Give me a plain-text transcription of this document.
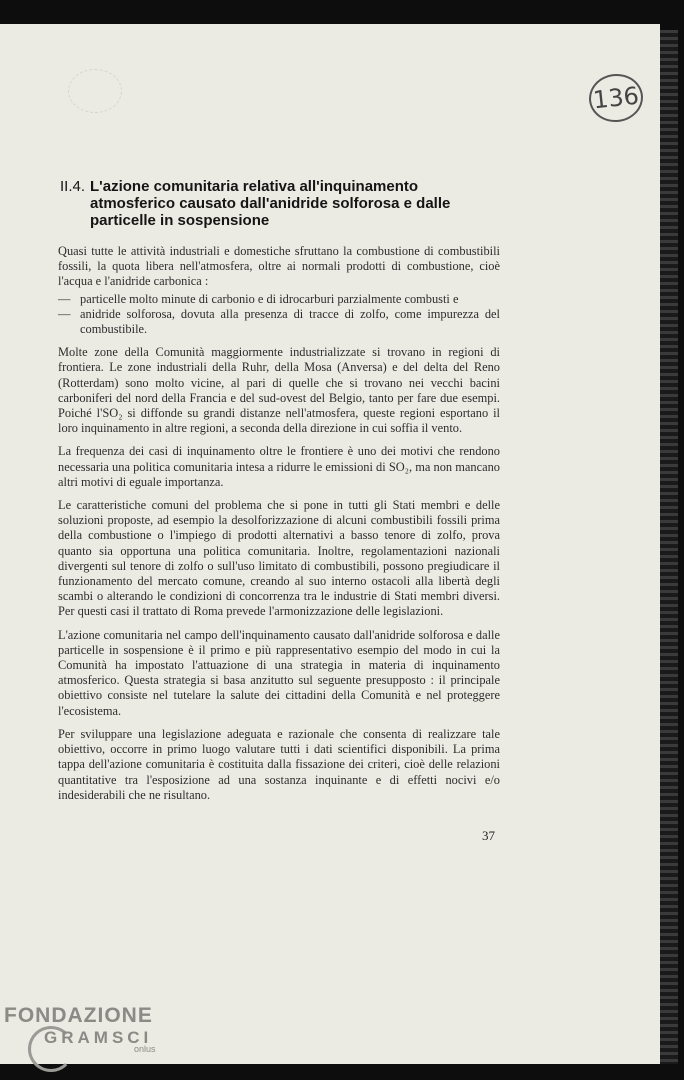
136
II.4. L'azione comunitaria relativa all'inquinamento atmosferico causato dall'anidride solforosa e dalle particelle in sospensione

Quasi tutte le attività industriali e domestiche sfruttano la combustione di combustibili fossili, la quota libera nell'atmosfera, oltre ai normali prodotti di combustione, cioè l'acqua e l'anidride carbonica :

— particelle molto minute di carbonio e di idrocarburi parzialmente combusti e
— anidride solforosa, dovuta alla presenza di tracce di zolfo, come impurezza del combustibile.

Molte zone della Comunità maggiormente industrializzate si trovano in regioni di frontiera. Le zone industriali della Ruhr, della Mosa (Anversa) e del delta del Reno (Rotterdam) sono molto vicine, al pari di quelle che si trovano nei vecchi bacini carboniferi del nord della Francia e del sud-ovest del Belgio, tanto per fare due esempi. Poiché l'SO₂ si diffonde su grandi distanze nell'atmosfera, queste regioni esportano il loro inquinamento in altre regioni, a seconda della direzione in cui soffia il vento.

La frequenza dei casi di inquinamento oltre le frontiere è uno dei motivi che rendono necessaria una politica comunitaria intesa a ridurre le emissioni di SO₂, ma non mancano altri motivi di eguale importanza.

Le caratteristiche comuni del problema che si pone in tutti gli Stati membri e delle soluzioni proposte, ad esempio la desolforizzazione di alcuni combustibili fossili prima della combustione o l'impiego di prodotti alternativi a basso tenore di zolfo, prova quanto sia opportuna una politica comunitaria. Inoltre, regolamentazioni nazionali divergenti sul tenore di zolfo o sull'uso limitato di combustibili, possono pregiudicare il funzionamento del mercato comune, creando al suo interno ostacoli alla libertà degli scambi o alterando le condizioni di concorrenza tra le industrie di Stati membri diversi. Per questi casi il trattato di Roma prevede l'armonizzazione delle legislazioni.

L'azione comunitaria nel campo dell'inquinamento causato dall'anidride solforosa e dalle particelle in sospensione è il primo e più rappresentativo esempio del modo in cui la Comunità ha impostato l'attuazione di una strategia in materia di inquinamento atmosferico. Questa strategia si basa anzitutto sul seguente presupposto : il principale obiettivo consiste nel tutelare la salute dei cittadini della Comunità e nel proteggere l'ecosistema.

Per sviluppare una legislazione adeguata e razionale che consenta di realizzare tale obiettivo, occorre in primo luogo valutare tutti i dati scientifici disponibili. La prima tappa dell'azione comunitaria è costituita dalla fissazione dei criteri, cioè delle relazioni quantitative tra l'esposizione ad una sostanza inquinante e di effetti nocivi e/o indesiderabili che ne risultano.

37
FONDAZIONE
GRAMSCI
onlus
